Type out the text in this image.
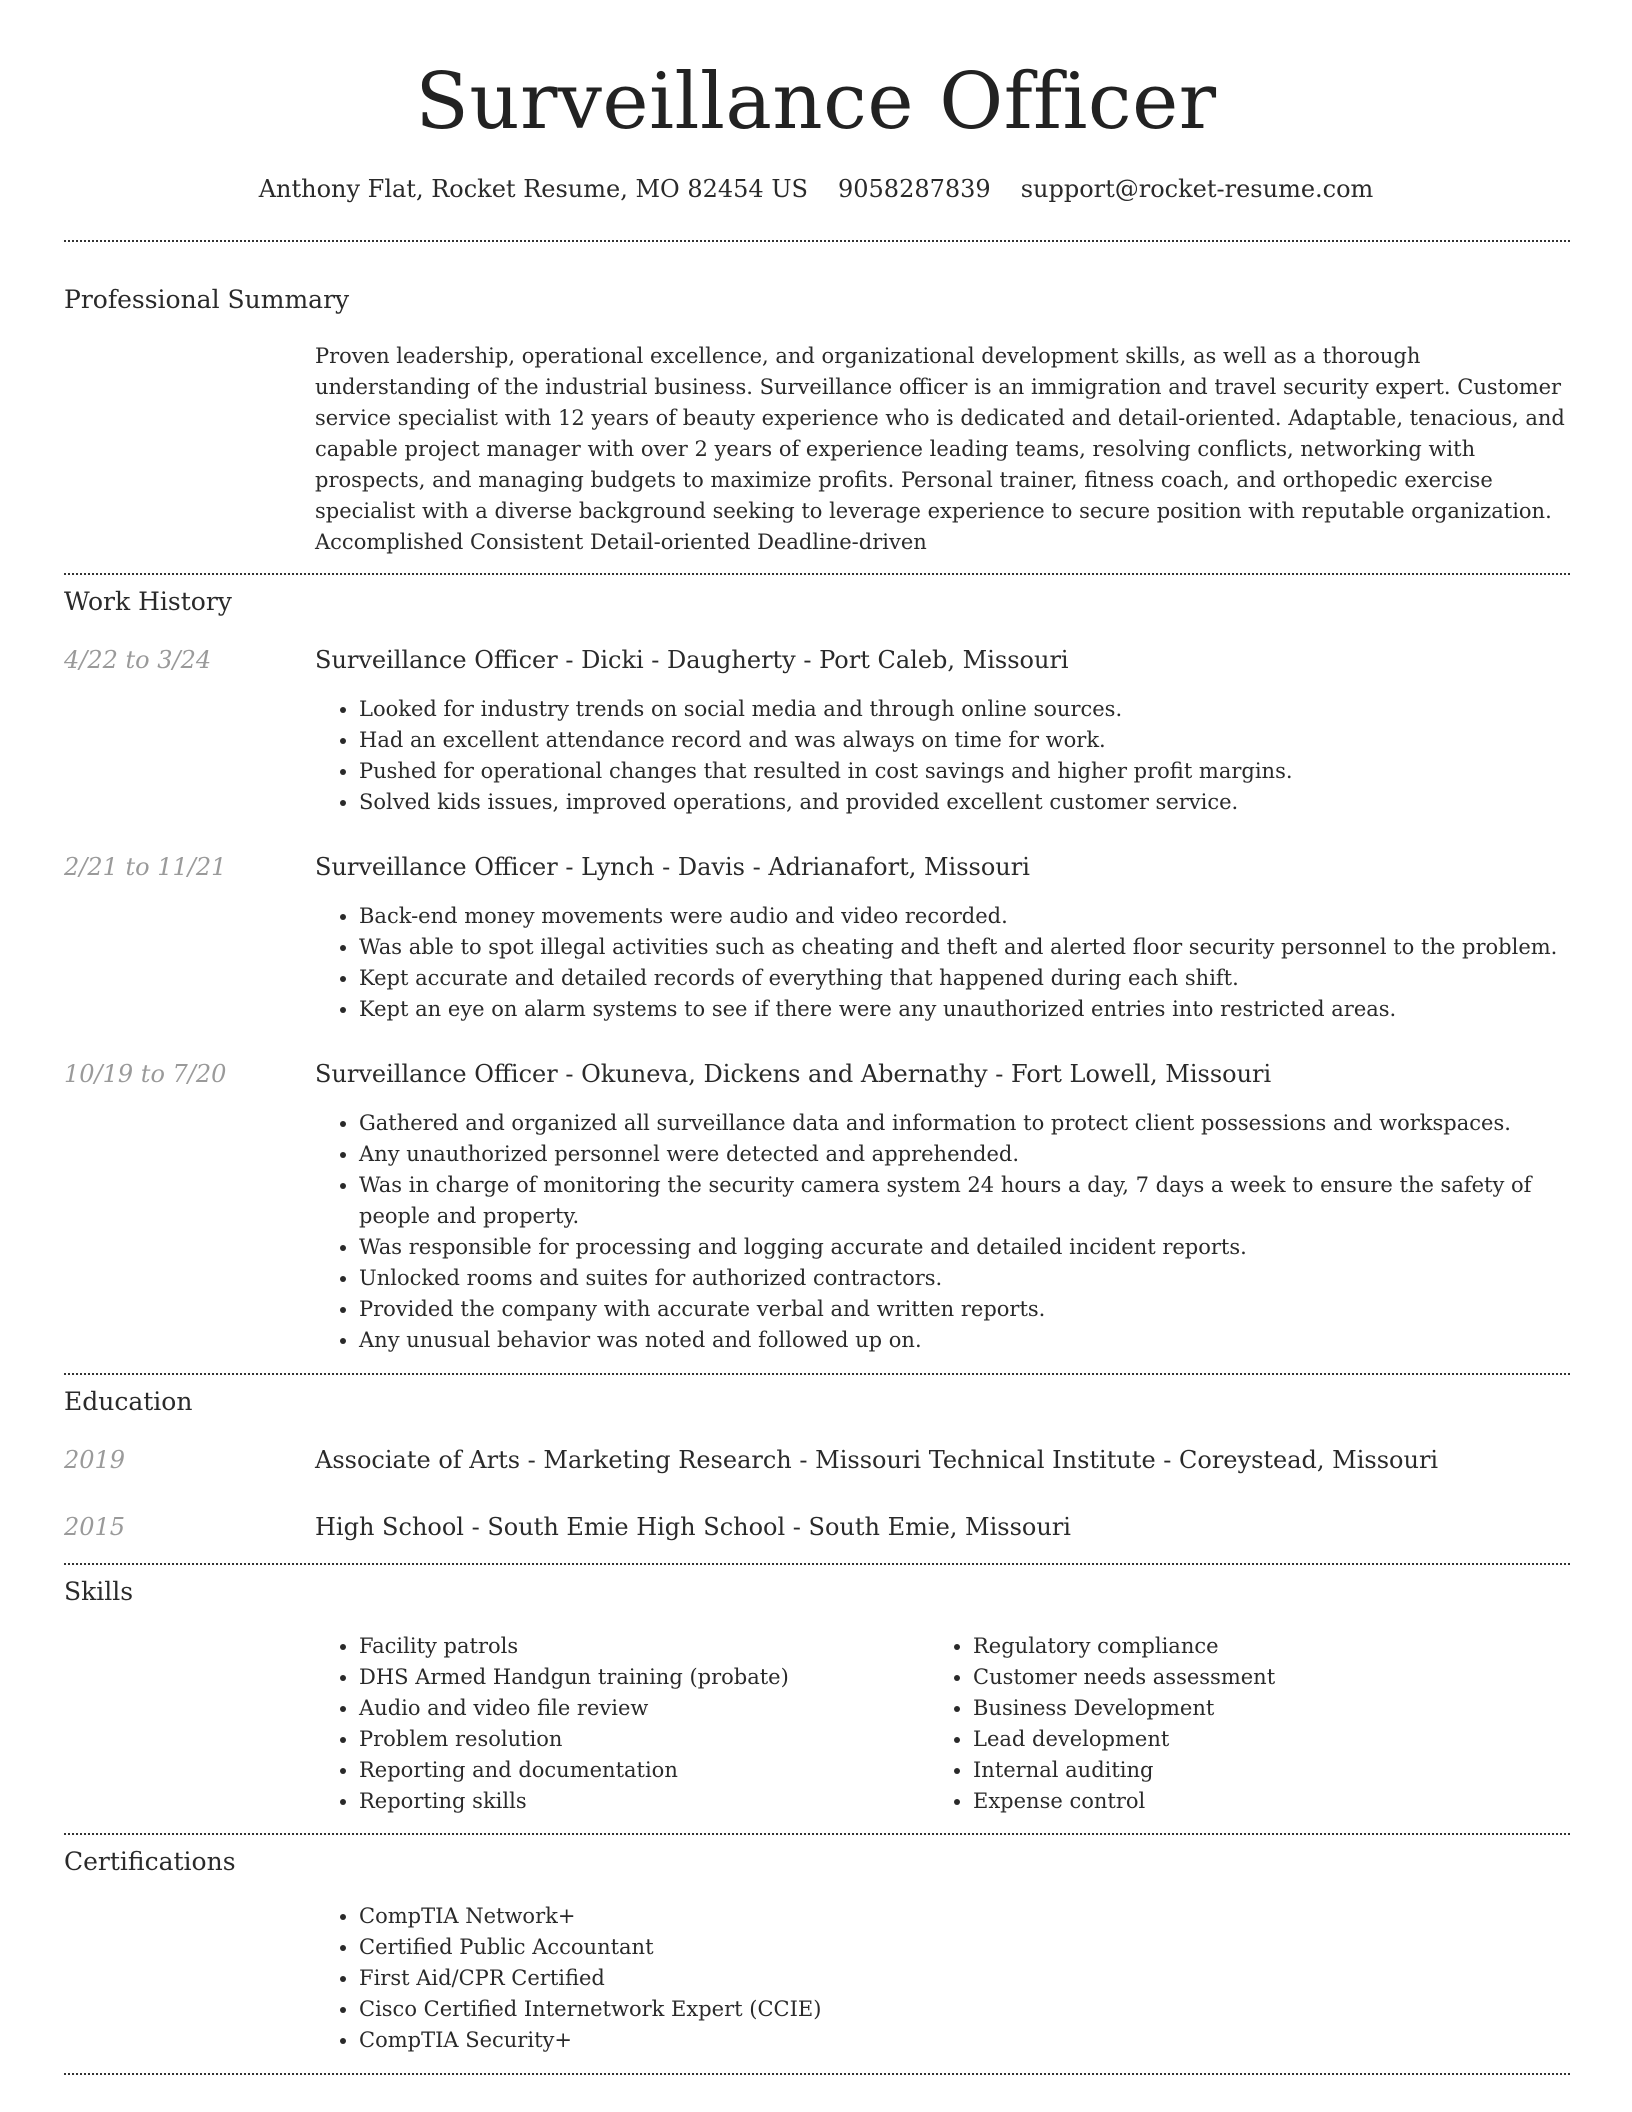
Surveillance Officer
Anthony Flat, Rocket Resume, MO 82454 US 9058287839 support@rocket-resume.com
Professional Summary
Proven leadership, operational excellence, and organizational development skills, as well as a thorough understanding of the industrial business. Surveillance officer is an immigration and travel security expert. Customer service specialist with 12 years of beauty experience who is dedicated and detail-oriented. Adaptable, tenacious, and capable project manager with over 2 years of experience leading teams, resolving conflicts, networking with prospects, and managing budgets to maximize profits. Personal trainer, fitness coach, and orthopedic exercise specialist with a diverse background seeking to leverage experience to secure position with reputable organization. Accomplished Consistent Detail-oriented Deadline-driven
Work History
4/22 to 3/24	Surveillance Officer - Dicki - Daugherty - Port Caleb, Missouri
• Looked for industry trends on social media and through online sources.
• Had an excellent attendance record and was always on time for work.
• Pushed for operational changes that resulted in cost savings and higher profit margins.
• Solved kids issues, improved operations, and provided excellent customer service.
2/21 to 11/21	Surveillance Officer - Lynch - Davis - Adrianafort, Missouri
• Back-end money movements were audio and video recorded.
• Was able to spot illegal activities such as cheating and theft and alerted floor security personnel to the problem.
• Kept accurate and detailed records of everything that happened during each shift.
• Kept an eye on alarm systems to see if there were any unauthorized entries into restricted areas.
10/19 to 7/20	Surveillance Officer - Okuneva, Dickens and Abernathy - Fort Lowell, Missouri
• Gathered and organized all surveillance data and information to protect client possessions and workspaces.
• Any unauthorized personnel were detected and apprehended.
• Was in charge of monitoring the security camera system 24 hours a day, 7 days a week to ensure the safety of people and property.
• Was responsible for processing and logging accurate and detailed incident reports.
• Unlocked rooms and suites for authorized contractors.
• Provided the company with accurate verbal and written reports.
• Any unusual behavior was noted and followed up on.
Education
2019	Associate of Arts - Marketing Research - Missouri Technical Institute - Coreystead, Missouri
2015	High School - South Emie High School - South Emie, Missouri
Skills
• Facility patrols
• DHS Armed Handgun training (probate)
• Audio and video file review
• Problem resolution
• Reporting and documentation
• Reporting skills
• Regulatory compliance
• Customer needs assessment
• Business Development
• Lead development
• Internal auditing
• Expense control
Certifications
• CompTIA Network+
• Certified Public Accountant
• First Aid/CPR Certified
• Cisco Certified Internetwork Expert (CCIE)
• CompTIA Security+
